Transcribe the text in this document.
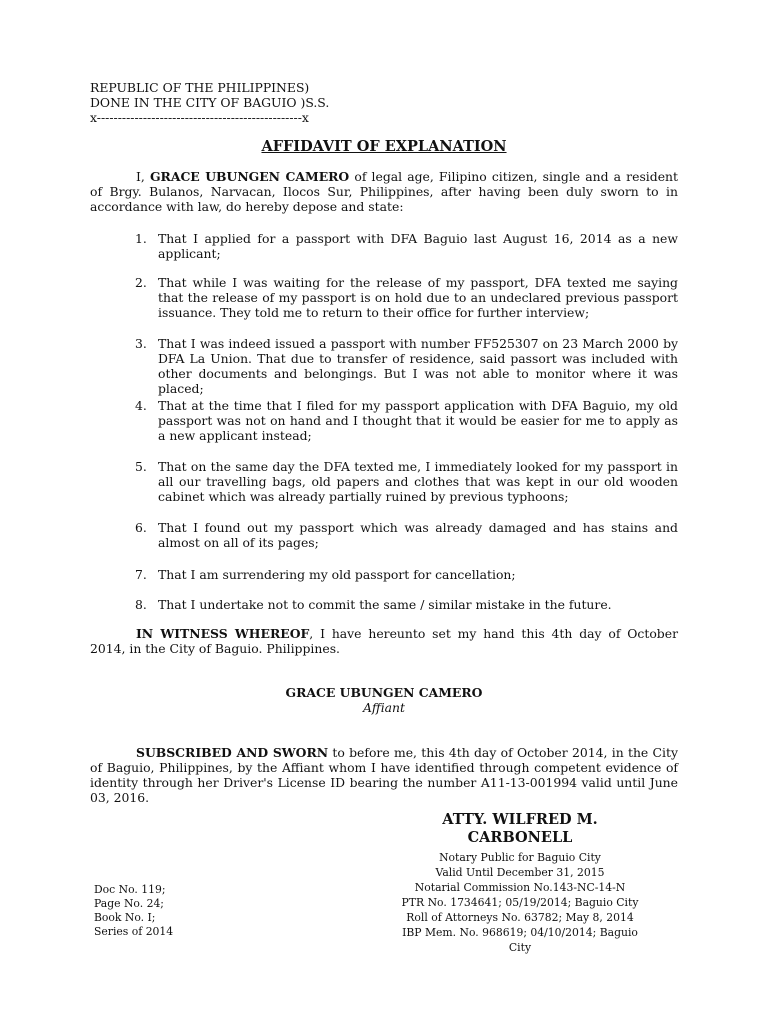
REPUBLIC OF THE PHILIPPINES)
DONE IN THE CITY OF BAGUIO )S.S.
x-------------------------------------------------x
AFFIDAVIT OF EXPLANATION

I, GRACE UBUNGEN CAMERO of legal age, Filipino citizen, single and a resident of Brgy. Bulanos, Narvacan, Ilocos Sur, Philippines, after having been duly sworn to in accordance with law, do hereby depose and state:

1. That I applied for a passport with DFA Baguio last August 16, 2014 as a new applicant;
2. That while I was waiting for the release of my passport, DFA texted me saying that the release of my passport is on hold due to an undeclared previous passport issuance. They told me to return to their office for further interview;
3. That I was indeed issued a passport with number FF525307 on 23 March 2000 by DFA La Union. That due to transfer of residence, said passort was included with other documents and belongings. But I was not able to monitor where it was placed;
4. That at the time that I filed for my passport application with DFA Baguio, my old passport was not on hand and I thought that it would be easier for me to apply as a new applicant instead;
5. That on the same day the DFA texted me, I immediately looked for my passport in all our travelling bags, old papers and clothes that was kept in our old wooden cabinet which was already partially ruined by previous typhoons;
6. That I found out my passport which was already damaged and has stains and almost on all of its pages;
7. That I am surrendering my old passport for cancellation;
8. That I undertake not to commit the same / similar mistake in the future.

IN WITNESS WHEREOF, I have hereunto set my hand this 4th day of October 2014, in the City of Baguio. Philippines.

GRACE UBUNGEN CAMERO
Affiant

SUBSCRIBED AND SWORN to before me, this 4th day of October 2014, in the City of Baguio, Philippines, by the Affiant whom I have identified through competent evidence of identity through her Driver's License ID bearing the number A11-13-001994 valid until June 03, 2016.

ATTY. WILFRED M. CARBONELL
Notary Public for Baguio City
Valid Until December 31, 2015
Notarial Commission No.143-NC-14-N
PTR No. 1734641; 05/19/2014; Baguio City
Roll of Attorneys No. 63782; May 8, 2014
IBP Mem. No. 968619; 04/10/2014; Baguio City
Doc No. 119;
Page No. 24;
Book No. I;
Series of 2014
